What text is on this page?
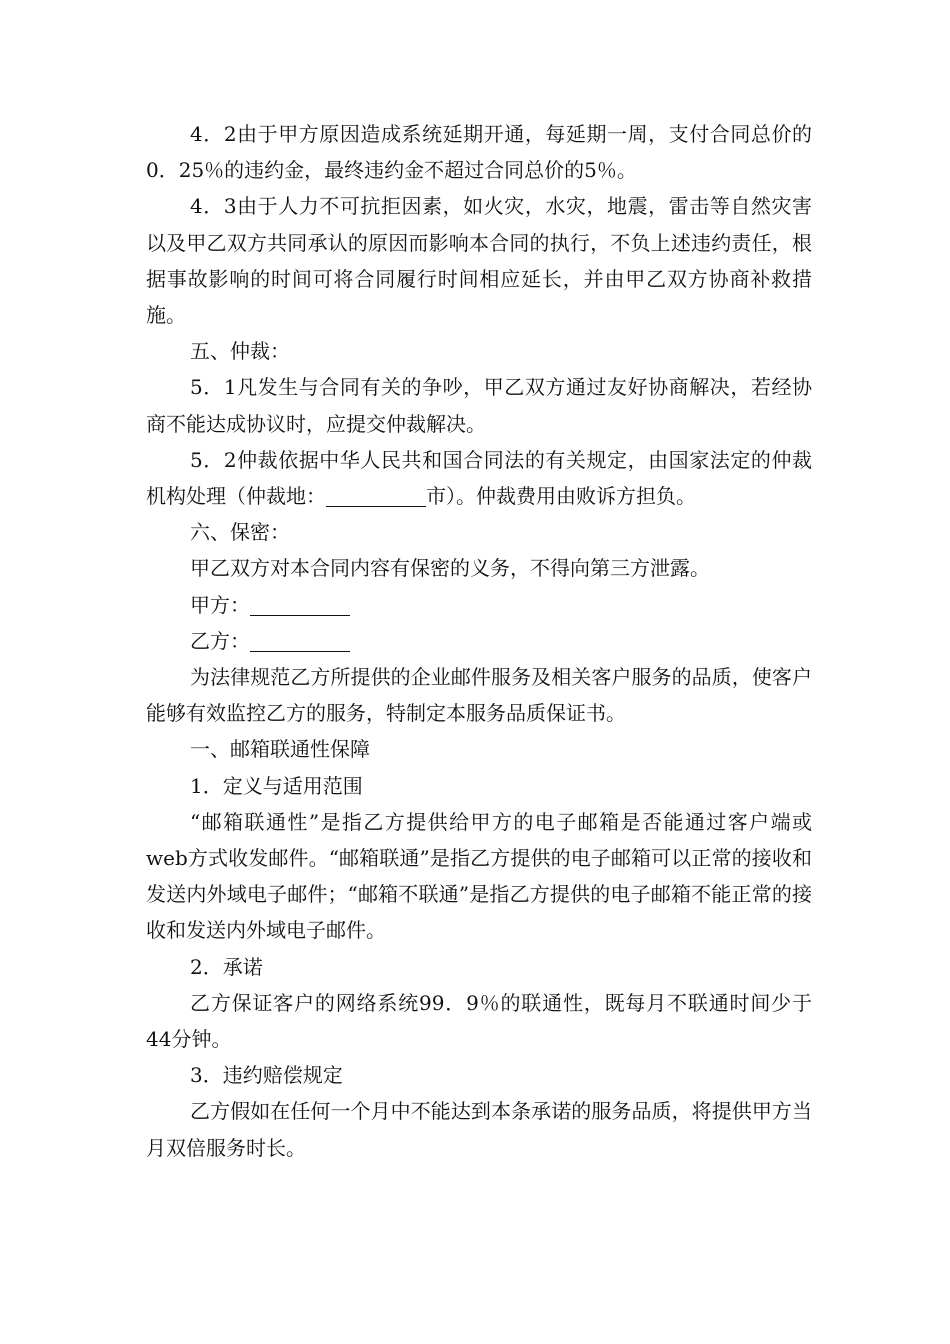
4．2由于甲方原因造成系统延期开通，每延期一周，支付合同总价的0．25％的违约金，最终违约金不超过合同总价的5％。

4．3由于人力不可抗拒因素，如火灾，水灾，地震，雷击等自然灾害以及甲乙双方共同承认的原因而影响本合同的执行，不负上述违约责任，根据事故影响的时间可将合同履行时间相应延长，并由甲乙双方协商补救措施。

五、仲裁：

5．1凡发生与合同有关的争吵，甲乙双方通过友好协商解决，若经协商不能达成协议时，应提交仲裁解决。

5．2仲裁依据中华人民共和国合同法的有关规定，由国家法定的仲裁机构处理（仲裁地：	市）。仲裁费用由败诉方担负。

六、保密：

甲乙双方对本合同内容有保密的义务，不得向第三方泄露。

甲方：

乙方：

为法律规范乙方所提供的企业邮件服务及相关客户服务的品质，使客户能够有效监控乙方的服务，特制定本服务品质保证书。

一、邮箱联通性保障

1．定义与适用范围

“邮箱联通性”是指乙方提供给甲方的电子邮箱是否能通过客户端或web方式收发邮件。“邮箱联通”是指乙方提供的电子邮箱可以正常的接收和发送内外域电子邮件；“邮箱不联通”是指乙方提供的电子邮箱不能正常的接收和发送内外域电子邮件。

2．承诺

乙方保证客户的网络系统99．9％的联通性，既每月不联通时间少于44分钟。

3．违约赔偿规定

乙方假如在任何一个月中不能达到本条承诺的服务品质，将提供甲方当月双倍服务时长。
